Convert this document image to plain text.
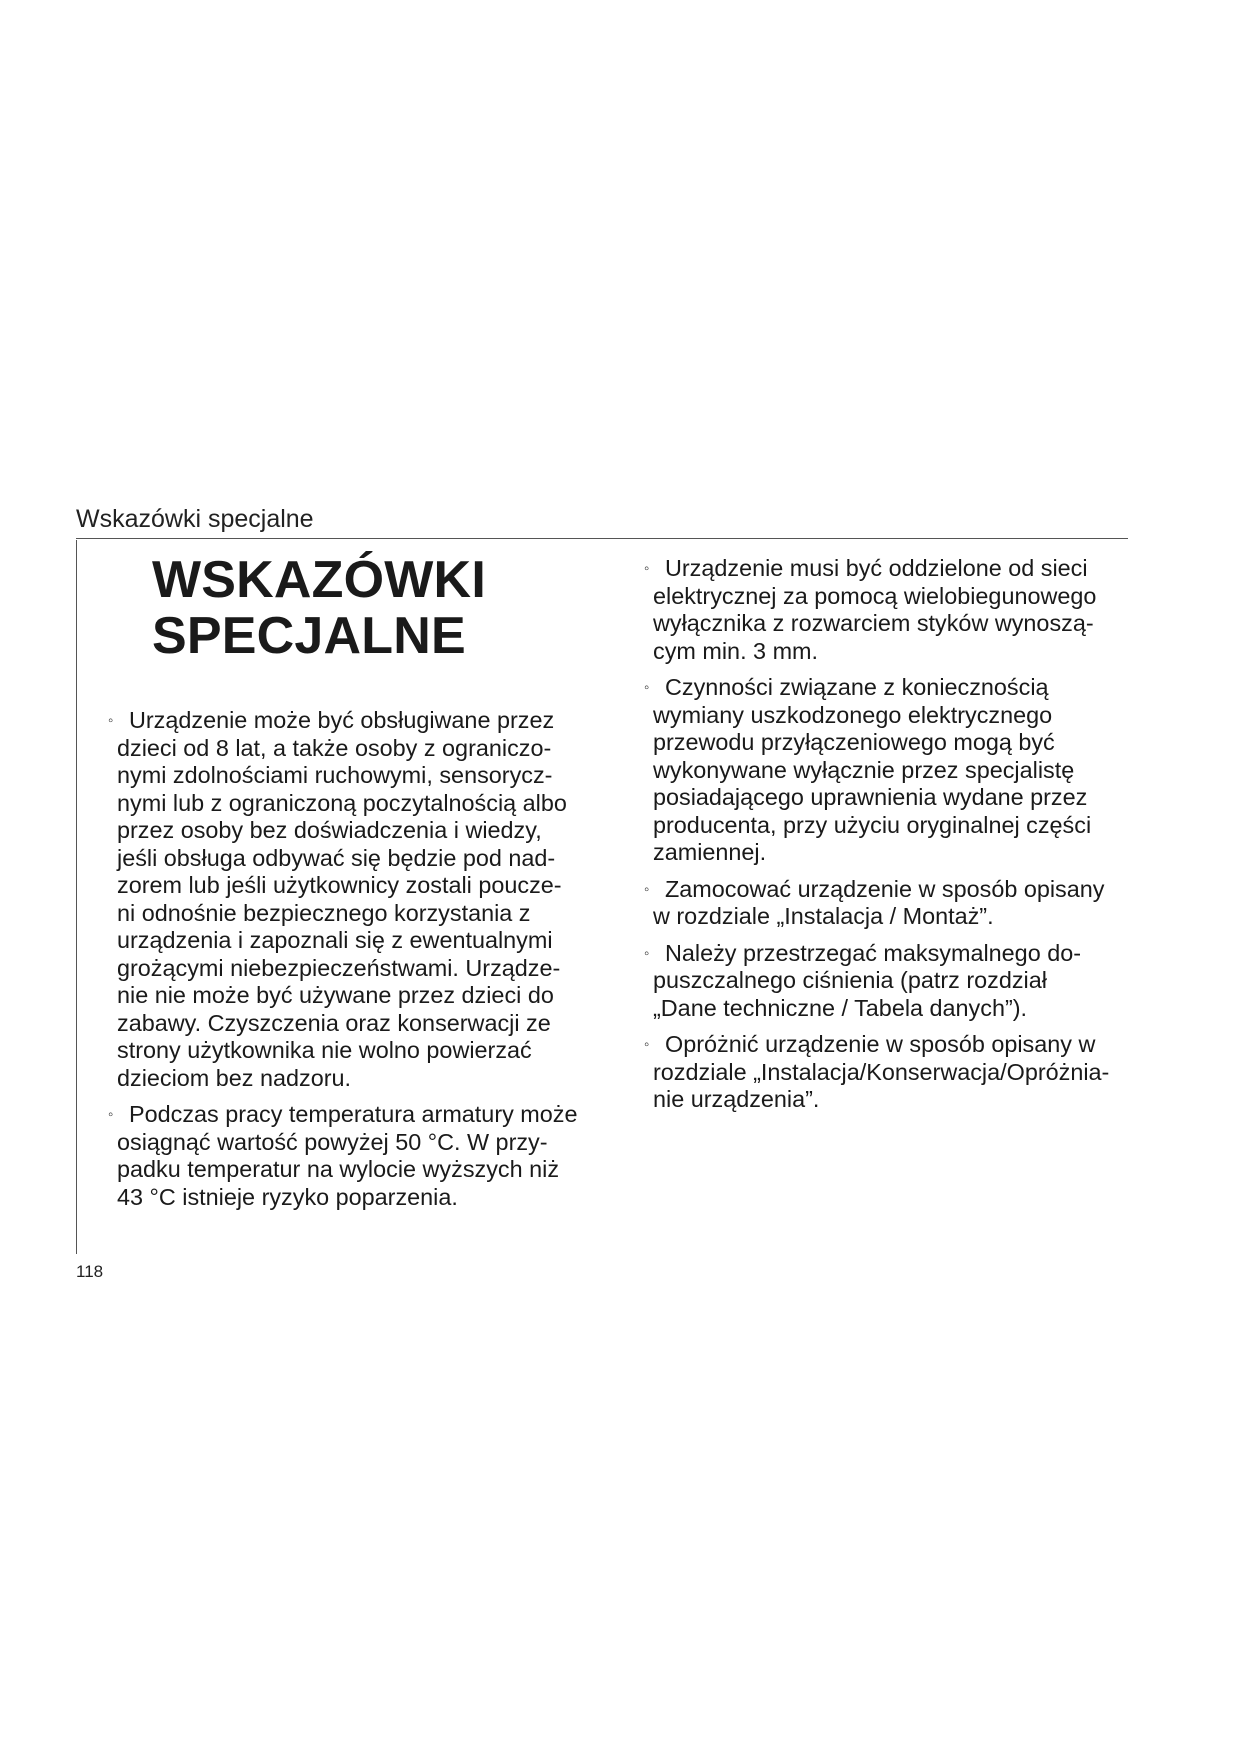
Wskazówki specjalne
WSKAZÓWKI
SPECJALNE
◦ Urządzenie może być obsługiwane przez
dzieci od 8 lat, a także osoby z ograniczo-
nymi zdolnościami ruchowymi, sensorycz-
nymi lub z ograniczoną poczytalnością albo
przez osoby bez doświadczenia i wiedzy,
jeśli obsługa odbywać się będzie pod nad-
zorem lub jeśli użytkownicy zostali poucze-
ni odnośnie bezpiecznego korzystania z
urządzenia i zapoznali się z ewentualnymi
grożącymi niebezpieczeństwami. Urządze-
nie nie może być używane przez dzieci do
zabawy. Czyszczenia oraz konserwacji ze
strony użytkownika nie wolno powierzać
dzieciom bez nadzoru.
◦ Podczas pracy temperatura armatury może
osiągnąć wartość powyżej 50 °C. W przy-
padku temperatur na wylocie wyższych niż
43 °C istnieje ryzyko poparzenia.
◦ Urządzenie musi być oddzielone od sieci
elektrycznej za pomocą wielobiegunowego
wyłącznika z rozwarciem styków wynoszą-
cym min. 3 mm.
◦ Czynności związane z koniecznością
wymiany uszkodzonego elektrycznego
przewodu przyłączeniowego mogą być
wykonywane wyłącznie przez specjalistę
posiadającego uprawnienia wydane przez
producenta, przy użyciu oryginalnej części
zamiennej.
◦ Zamocować urządzenie w sposób opisany
w rozdziale „Instalacja / Montaż”.
◦ Należy przestrzegać maksymalnego do-
puszczalnego ciśnienia (patrz rozdział
„Dane techniczne / Tabela danych”).
◦ Opróżnić urządzenie w sposób opisany w
rozdziale „Instalacja/Konserwacja/Opróżnia-
nie urządzenia”.
118
